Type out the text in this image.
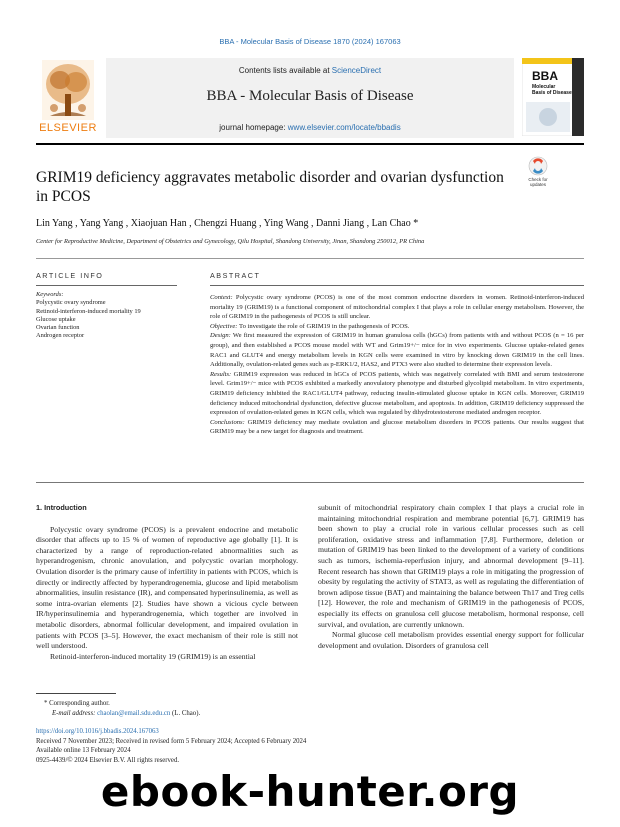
BBA - Molecular Basis of Disease 1870 (2024) 167063
Contents lists available at ScienceDirect
BBA - Molecular Basis of Disease
journal homepage: www.elsevier.com/locate/bbadis
ELSEVIER
BBA
Molecular
Basis of Disease
Check for
updates
GRIM19 deficiency aggravates metabolic disorder and ovarian dysfunction in PCOS
Lin Yang , Yang Yang , Xiaojuan Han , Chengzi Huang , Ying Wang , Danni Jiang , Lan Chao *
Center for Reproductive Medicine, Department of Obstetrics and Gynecology, Qilu Hospital, Shandong University, Jinan, Shandong 250012, PR China
ARTICLE INFO
Keywords:
Polycystic ovary syndrome
Retinoid-interferon-induced mortality 19
Glucose uptake
Ovarian function
Androgen receptor
ABSTRACT

Context: Polycystic ovary syndrome (PCOS) is one of the most common endocrine disorders in women. Retinoid-interferon-induced mortality 19 (GRIM19) is a functional component of mitochondrial complex I that plays a role in cellular energy metabolism. However, the role of GRIM19 in the pathogenesis of PCOS is still unclear.

Objective: To investigate the role of GRIM19 in the pathogenesis of PCOS.

Design: We first measured the expression of GRIM19 in human granulosa cells (hGCs) from patients with and without PCOS (n = 16 per group), and then established a PCOS mouse model with WT and Grim19+/− mice for in vivo experiments. Glucose uptake-related genes RAC1 and GLUT4 and energy metabolism levels in KGN cells were examined in vitro by knocking down GRIM19 in the cell lines. Additionally, ovulation-related genes such as p-ERK1/2, HAS2, and PTX3 were also studied to determine their expression levels.

Results: GRIM19 expression was reduced in hGCs of PCOS patients, which was negatively correlated with BMI and serum testosterone level. Grim19+/− mice with PCOS exhibited a markedly anovulatory phenotype and disturbed glycolipid metabolism. In vitro experiments, GRIM19 deficiency inhibited the RAC1/GLUT4 pathway, reducing insulin-stimulated glucose uptake in KGN cells. Moreover, GRIM19 deficiency induced mitochondrial dysfunction, defective glucose metabolism, and apoptosis. In addition, GRIM19 deficiency suppressed the expression of ovulation-related genes in KGN cells, which was regulated by dihydrotestosterone mediated androgen receptor.

Conclusions: GRIM19 deficiency may mediate ovulation and glucose metabolism disorders in PCOS patients. Our results suggest that GRIM19 may be a new target for diagnosis and treatment.

1. Introduction

Polycystic ovary syndrome (PCOS) is a prevalent endocrine and metabolic disorder that affects up to 15 % of women of reproductive age globally [1]. It is characterized by a range of reproduction-related abnormalities such as hyperandrogenism, chronic anovulation, and polycystic ovarian morphology. Ovulation disorder is the primary cause of infertility in patients with PCOS, which is directly or indirectly affected by hyperandrogenemia, glucose and lipid metabolism abnormalities, insulin resistance (IR), and compensated hyperinsulinemia, as well as some intra-ovarian elements [2]. Studies have shown a vicious cycle between IR/hyperinsulinemia and hyperandrogenemia, which together are involved in metabolic disorders, abnormal follicular development, and impaired ovulation in patients with PCOS [3–5]. However, the exact mechanism of their role is still not well understood.

Retinoid-interferon-induced mortality 19 (GRIM19) is an essential

subunit of mitochondrial respiratory chain complex I that plays a crucial role in maintaining mitochondrial respiration and membrane potential [6,7]. GRIM19 has been shown to play a crucial role in various cellular processes such as cell proliferation, oxidative stress and inflammation [7,8]. Furthermore, deletion or mutation of GRIM19 has been linked to the development of a variety of conditions such as tumors, ischemia-reperfusion injury, and abnormal development [9–11]. Recent research has shown that GRIM19 plays a role in mitigating the progression of obesity by regulating the activity of STAT3, as well as regulating the differentiation of brown adipose tissue (BAT) and maintaining the balance between Th17 and Treg cells [12]. However, the role and mechanism of GRIM19 in the pathogenesis of PCOS, especially its effects on granulosa cell glucose metabolism, hormonal response, cell survival, and ovulation, are currently unknown.

Normal glucose cell metabolism provides essential energy support for follicular development and ovulation. Disorders of granulosa cell

* Corresponding author.
E-mail address: chaolan@email.sdu.edu.cn (L. Chao).
https://doi.org/10.1016/j.bbadis.2024.167063
Received 7 November 2023; Received in revised form 5 February 2024; Accepted 6 February 2024
Available online 13 February 2024
0925-4439/© 2024 Elsevier B.V. All rights reserved.
ebook-hunter.org
